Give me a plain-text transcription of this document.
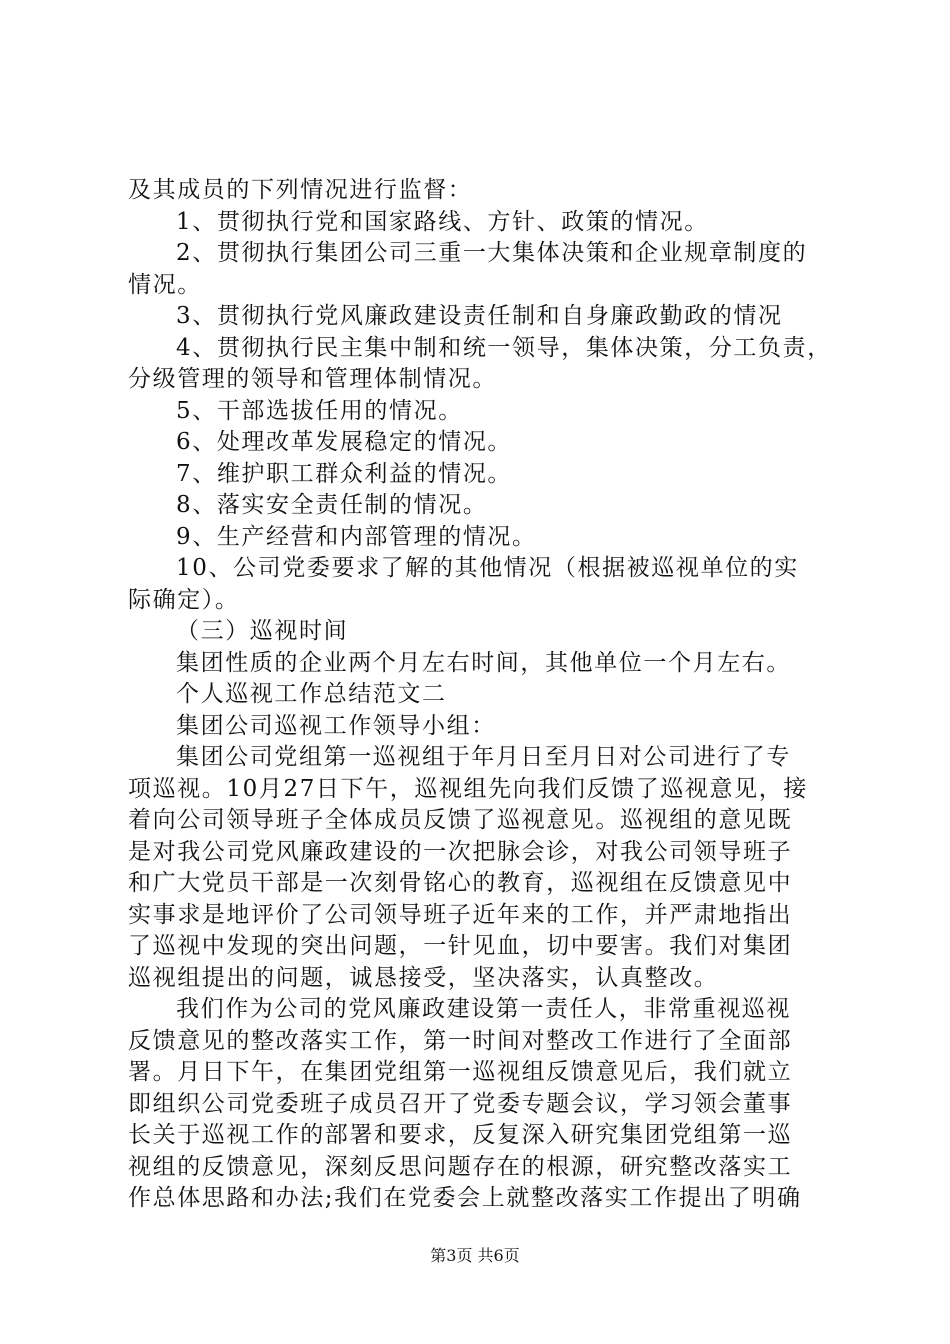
及其成员的下列情况进行监督：
1、贯彻执行党和国家路线、方针、政策的情况。
2、贯彻执行集团公司三重一大集体决策和企业规章制度的
情况。
3、贯彻执行党风廉政建设责任制和自身廉政勤政的情况
4、贯彻执行民主集中制和统一领导，集体决策，分工负责，
分级管理的领导和管理体制情况。
5、干部选拔任用的情况。
6、处理改革发展稳定的情况。
7、维护职工群众利益的情况。
8、落实安全责任制的情况。
9、生产经营和内部管理的情况。
10、公司党委要求了解的其他情况（根据被巡视单位的实
际确定）。
（三）巡视时间
集团性质的企业两个月左右时间，其他单位一个月左右。
个人巡视工作总结范文二
集团公司巡视工作领导小组：
集团公司党组第一巡视组于年月日至月日对公司进行了专
项巡视。10月27日下午，巡视组先向我们反馈了巡视意见，接
着向公司领导班子全体成员反馈了巡视意见。巡视组的意见既
是对我公司党风廉政建设的一次把脉会诊，对我公司领导班子
和广大党员干部是一次刻骨铭心的教育，巡视组在反馈意见中
实事求是地评价了公司领导班子近年来的工作，并严肃地指出
了巡视中发现的突出问题，一针见血，切中要害。我们对集团
巡视组提出的问题，诚恳接受，坚决落实，认真整改。
我们作为公司的党风廉政建设第一责任人，非常重视巡视
反馈意见的整改落实工作，第一时间对整改工作进行了全面部
署。月日下午，在集团党组第一巡视组反馈意见后，我们就立
即组织公司党委班子成员召开了党委专题会议，学习领会董事
长关于巡视工作的部署和要求，反复深入研究集团党组第一巡
视组的反馈意见，深刻反思问题存在的根源，研究整改落实工
作总体思路和办法;我们在党委会上就整改落实工作提出了明确
第3页 共6页
